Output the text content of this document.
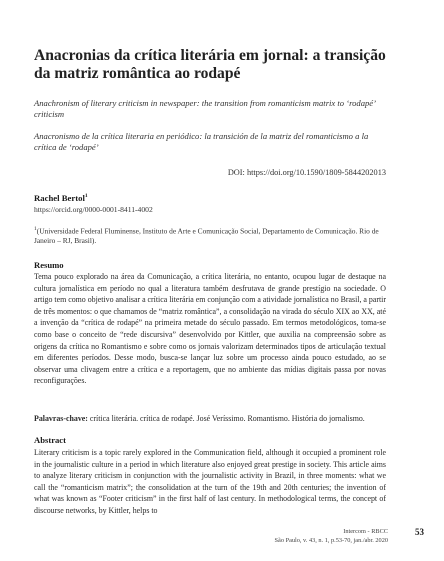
Anacronias da crítica literária em jornal: a transição da matriz romântica ao rodapé
Anachronism of literary criticism in newspaper: the transition from romanticism matrix to ‘rodapé’ criticism
Anacronismo de la crítica literaria en periódico: la transición de la matriz del romanticismo a la crítica de ‘rodapé’
DOI: https://doi.org/10.1590/1809-5844202013
Rachel Bertol$^1$
https://orcid.org/0000-0001-8411-4002
$^1$(Universidade Federal Fluminense, Instituto de Arte e Comunicação Social, Departamento de Comunicação. Rio de Janeiro – RJ, Brasil).
Resumo
Tema pouco explorado na área da Comunicação, a crítica literária, no entanto, ocupou lugar de destaque na cultura jornalística em período no qual a literatura também desfrutava de grande prestígio na sociedade. O artigo tem como objetivo analisar a crítica literária em conjunção com a atividade jornalística no Brasil, a partir de três momentos: o que chamamos de “matriz romântica”, a consolidação na virada do século XIX ao XX, até a invenção da “crítica de rodapé” na primeira metade do século passado. Em termos metodológicos, toma-se como base o conceito de “rede discursiva” desenvolvido por Kittler, que auxilia na compreensão sobre as origens da crítica no Romantismo e sobre como os jornais valorizam determinados tipos de articulação textual em diferentes períodos. Desse modo, busca-se lançar luz sobre um processo ainda pouco estudado, ao se observar uma clivagem entre a crítica e a reportagem, que no ambiente das mídias digitais passa por novas reconfigurações.
Palavras-chave: crítica literária. crítica de rodapé. José Veríssimo. Romantismo. História do jornalismo.
Abstract
Literary criticism is a topic rarely explored in the Communication field, although it occupied a prominent role in the journalistic culture in a period in which literature also enjoyed great prestige in society. This article aims to analyze literary criticism in conjunction with the journalistic activity in Brazil, in three moments: what we call the “romanticism matrix”; the consolidation at the turn of the 19th and 20th centuries; the invention of what was known as “Footer criticism” in the first half of last century. In methodological terms, the concept of discourse networks, by Kittler, helps to
Intercom - RBCC
São Paulo, v. 43, n. 1, p.53-70, jan./abr. 2020
53
